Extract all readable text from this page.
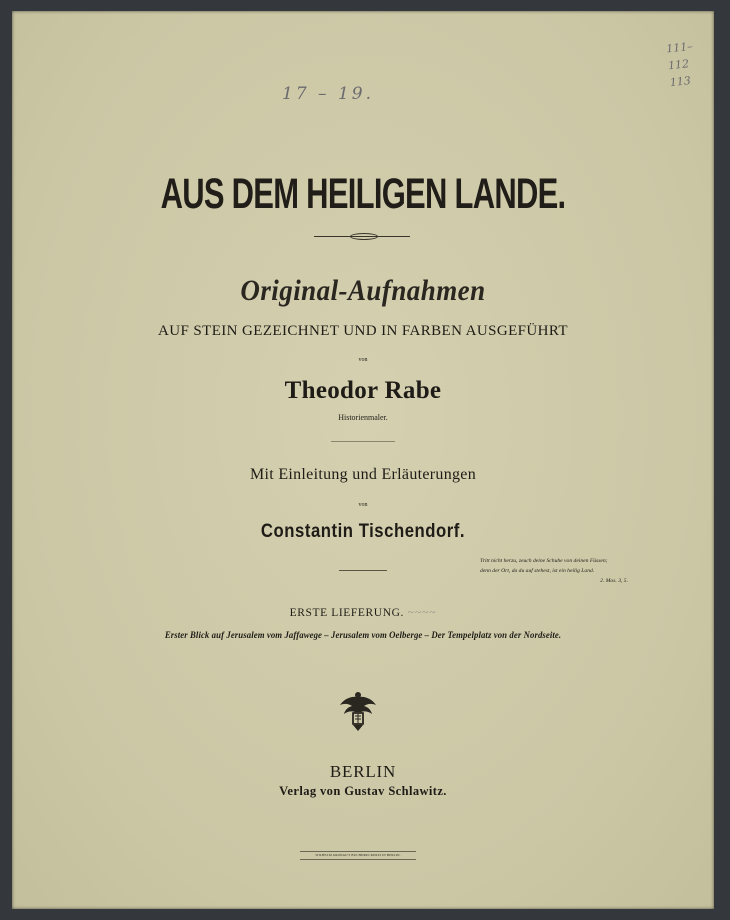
17 – 19.
111–
112
113
AUS DEM HEILIGEN LANDE.
Original-Aufnahmen
AUF STEIN GEZEICHNET UND IN FARBEN AUSGEFÜHRT
von
Theodor Rabe
Historienmaler.
Mit Einleitung und Erläuterungen
von
Constantin Tischendorf.
Tritt nicht herzu, zeuch deine Schuhe von deinen Füssen;
denn der Ort, da du auf stehest, ist ein heilig Land.
2. Mos. 3, 5.
ERSTE LIEFERUNG. ~~~~
Erster Blick auf Jerusalem vom Jaffawege – Jerusalem vom Oelberge – Der Tempelplatz von der Nordseite.
BERLIN
Verlag von Gustav Schlawitz.
WILHELM GRONAU'S BUCHDRUCKEREI IN BERLIN.
